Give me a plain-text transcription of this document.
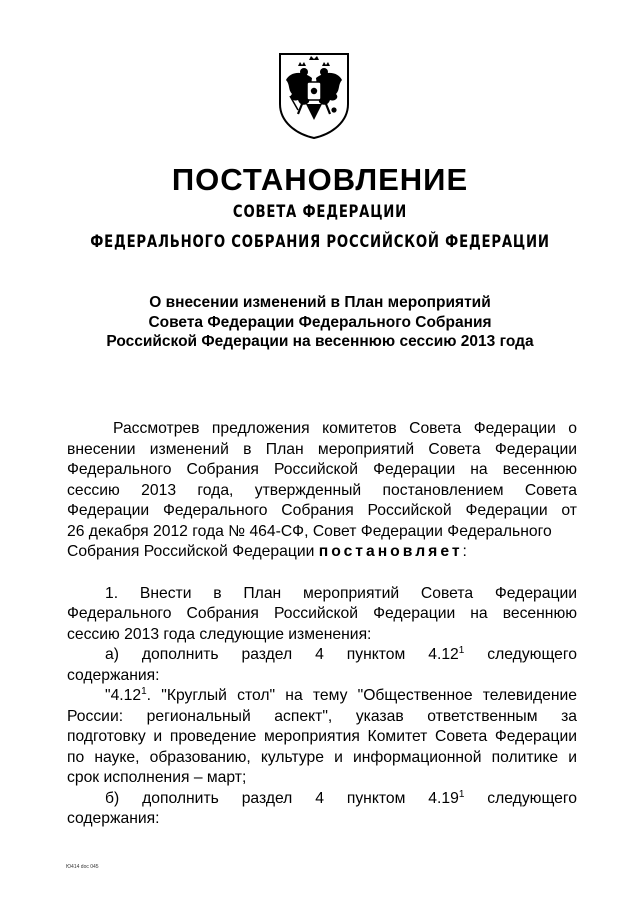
ПОСТАНОВЛЕНИЕ
СОВЕТА ФЕДЕРАЦИИ
ФЕДЕРАЛЬНОГО СОБРАНИЯ РОССИЙСКОЙ ФЕДЕРАЦИИ
О внесении изменений в План мероприятий
Совета Федерации Федерального Собрания
Российской Федерации на весеннюю сессию 2013 года
Рассмотрев предложения комитетов Совета Федерации о
внесении изменений в План мероприятий Совета Федерации
Федерального Собрания Российской Федерации на весеннюю
сессию 2013 года, утвержденный постановлением Совета
Федерации Федерального Собрания Российской Федерации от
26 декабря 2012 года № 464-СФ, Совет Федерации Федерального
Собрания Российской Федерации постановляет:
1. Внести в План мероприятий Совета Федерации
Федерального Собрания Российской Федерации на весеннюю
сессию 2013 года следующие изменения:
а) дополнить раздел 4 пунктом 4.12$^1$ следующего
содержания:
"4.12$^1$. "Круглый стол" на тему "Общественное телевидение
России: региональный аспект", указав ответственным за
подготовку и проведение мероприятия Комитет Совета Федерации
по науке, образованию, культуре и информационной политике и
срок исполнения – март;
б) дополнить раздел 4 пунктом 4.19$^1$ следующего
содержания:
Ю414 doc 045
